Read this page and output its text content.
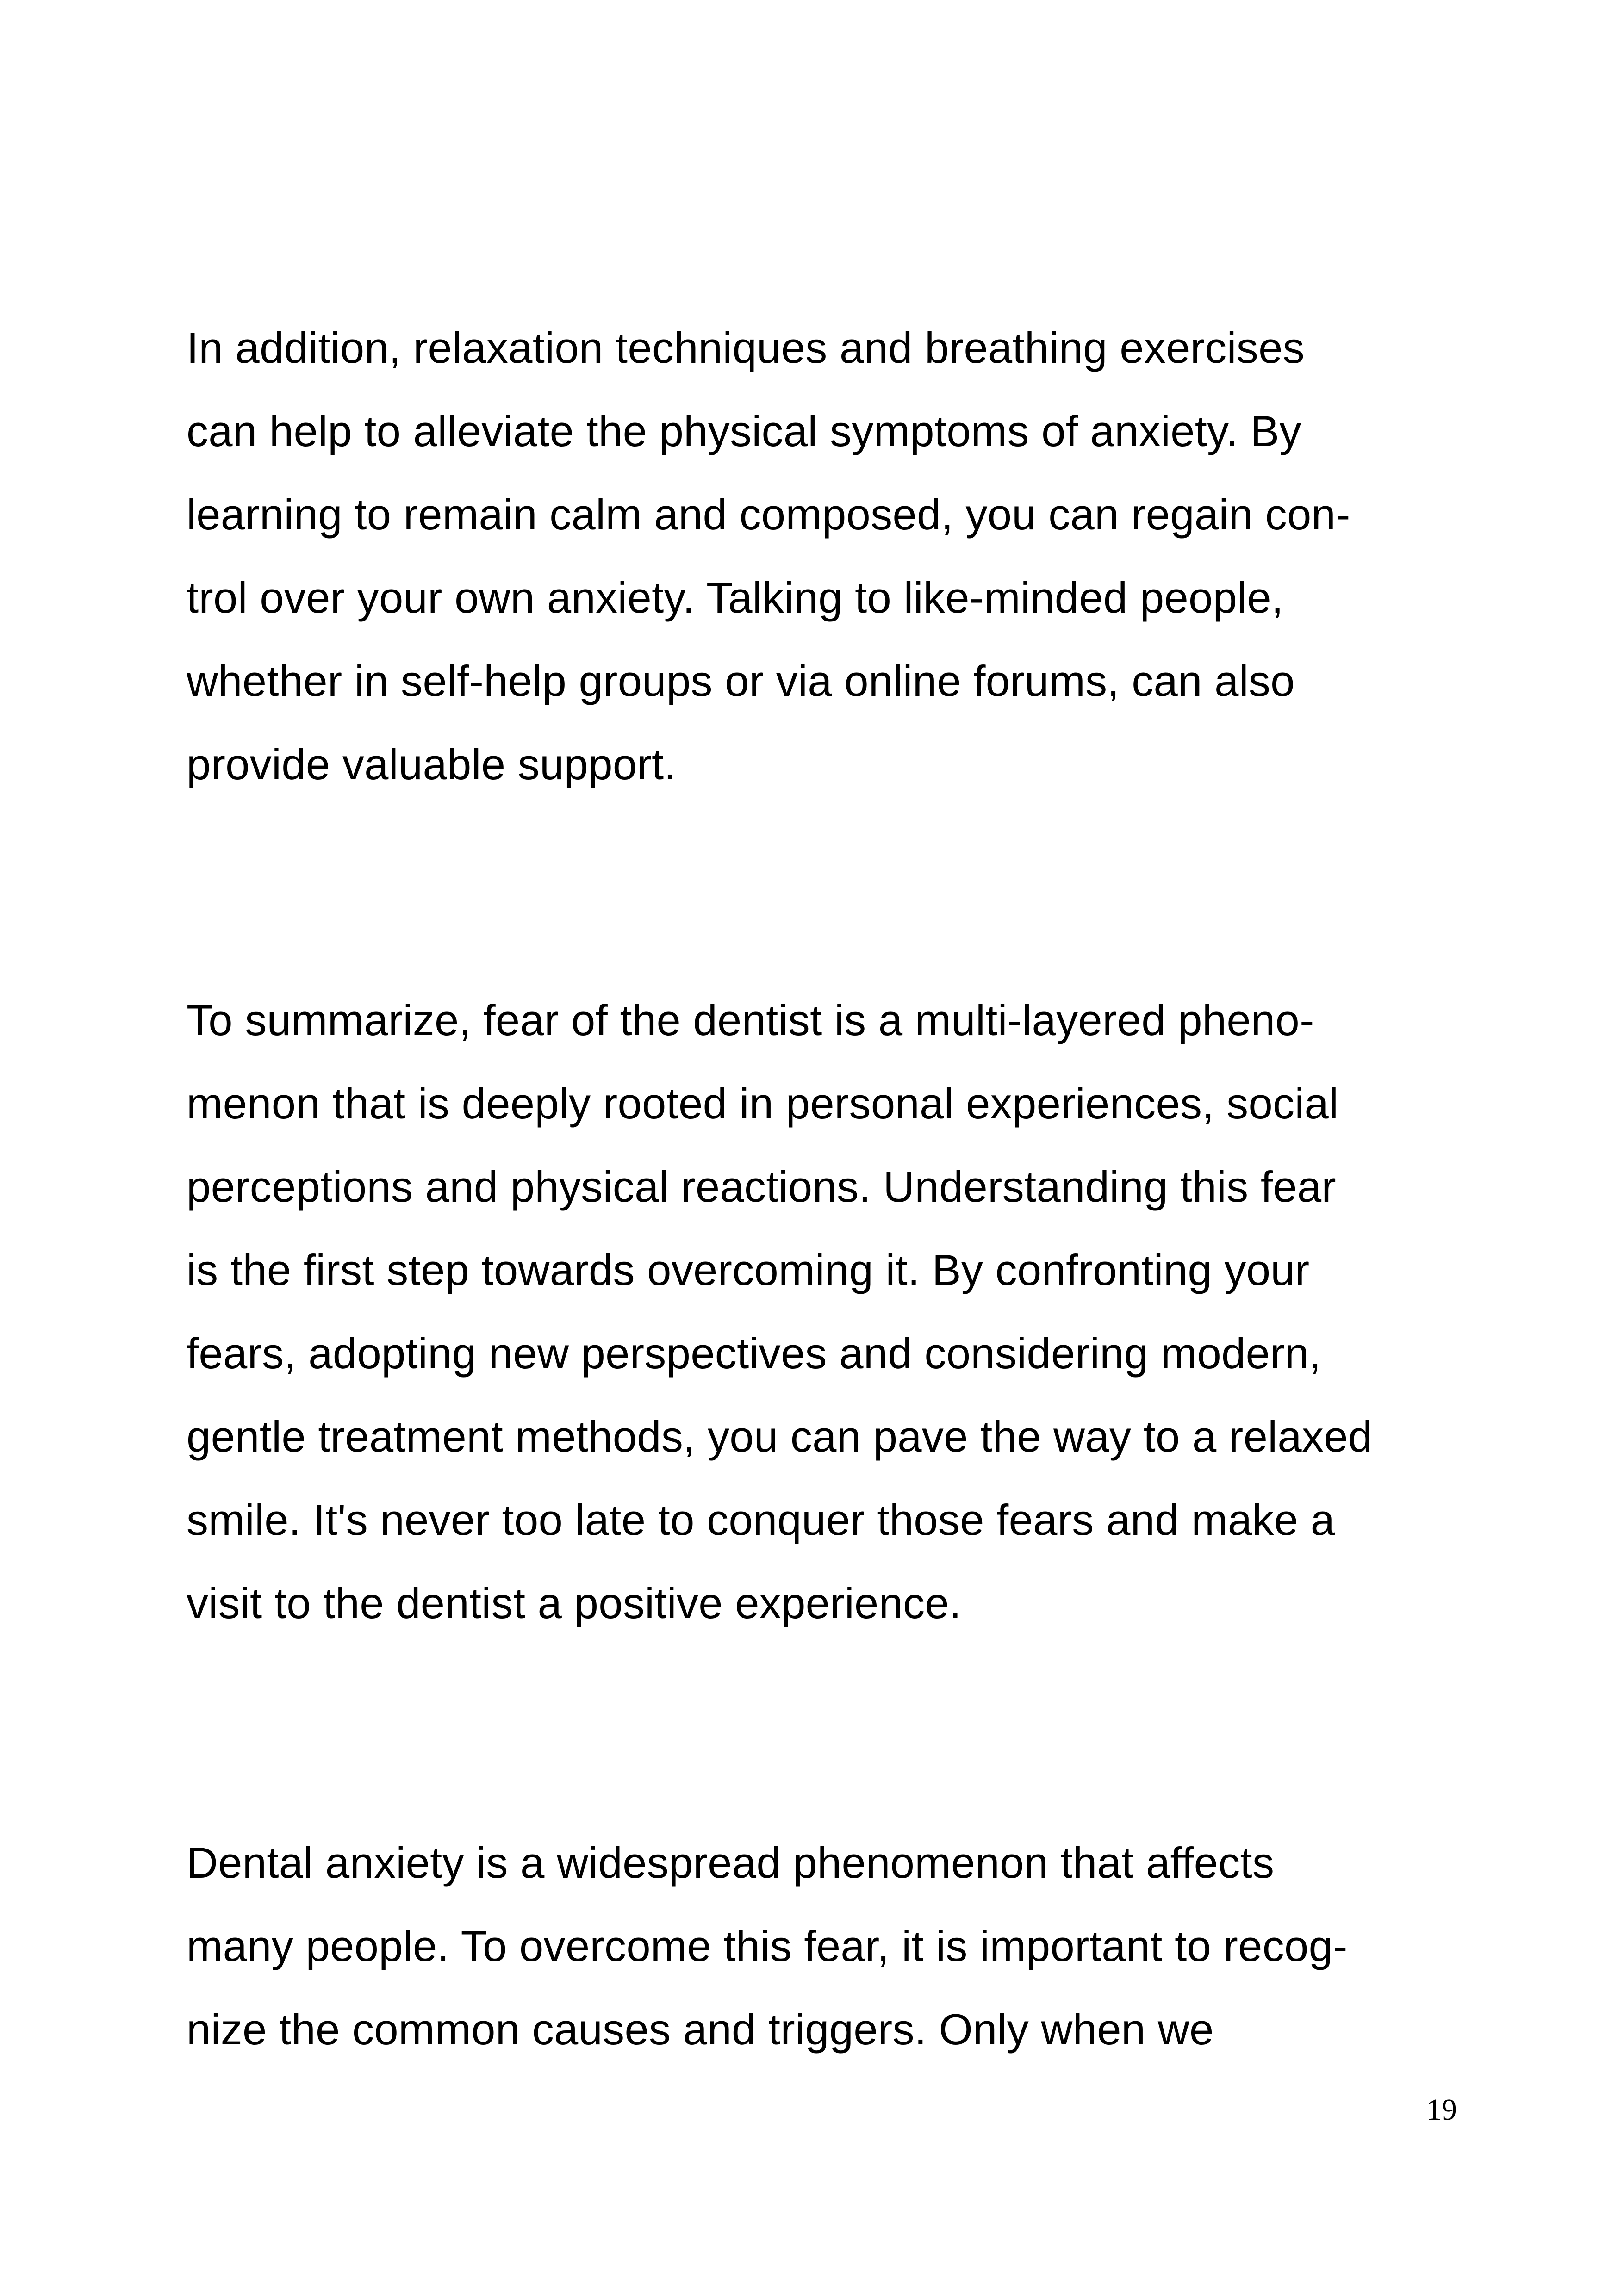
In addition, relaxation techniques and breathing exercises
can help to alleviate the physical symptoms of anxiety. By
learning to remain calm and composed, you can regain con-
trol over your own anxiety. Talking to like-minded people,
whether in self-help groups or via online forums, can also
provide valuable support.

To summarize, fear of the dentist is a multi-layered pheno-
menon that is deeply rooted in personal experiences, social
perceptions and physical reactions. Understanding this fear
is the first step towards overcoming it. By confronting your
fears, adopting new perspectives and considering modern,
gentle treatment methods, you can pave the way to a relaxed
smile. It's never too late to conquer those fears and make a
visit to the dentist a positive experience.

Dental anxiety is a widespread phenomenon that affects
many people. To overcome this fear, it is important to recog-
nize the common causes and triggers. Only when we

19
